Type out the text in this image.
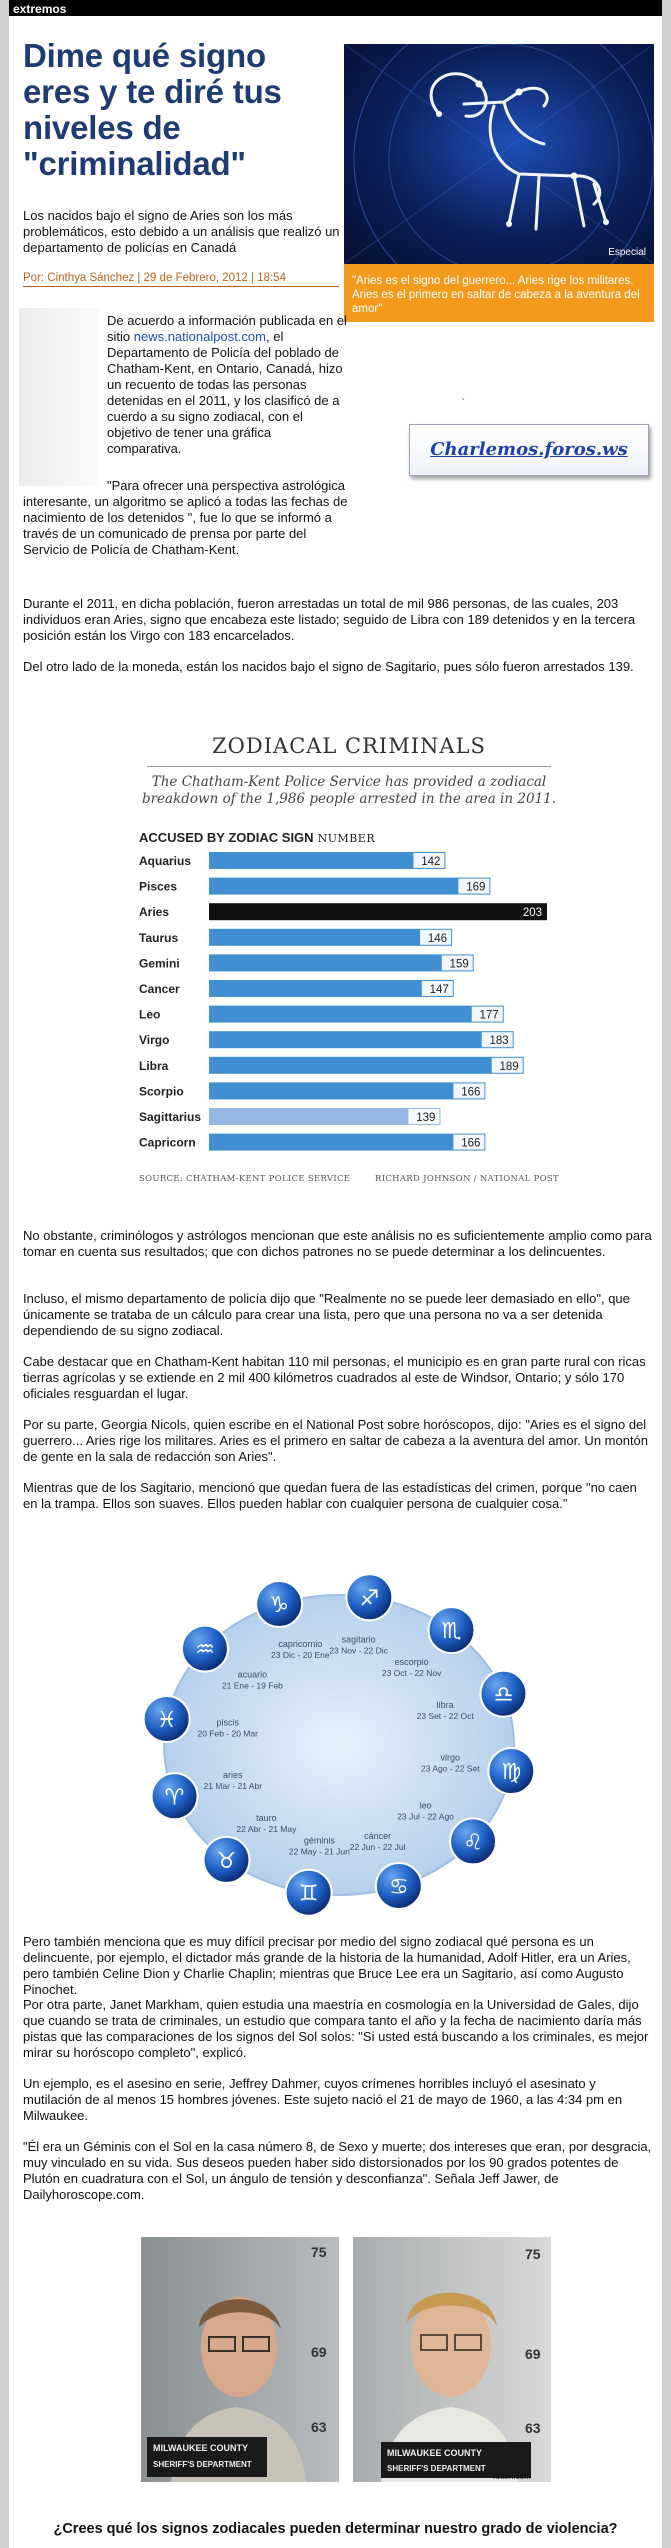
extremos
Dime qué signo eres y te diré tus niveles de "criminalidad"

Los nacidos bajo el signo de Aries son los más problemáticos, esto debido a un análisis que realizó un departamento de policías en Canadá

Por: Cinthya Sánchez | 29 de Febrero, 2012 | 18:54
Especial
"Aries es el signo del guerrero... Aries rige los militares. Aries es el primero en saltar de cabeza a la aventura del amor"

De acuerdo a información publicada en el sitio news.nationalpost.com, el Departamento de Policía del poblado de Chatham-Kent, en Ontario, Canadá, hizo un recuento de todas las personas detenidas en el 2011, y los clasificó de a cuerdo a su signo zodiacal, con el objetivo de tener una gráfica comparativa.

`
Charlemos.foros.ws

"Para ofrecer una perspectiva astrológica interesante, un algoritmo se aplicó a todas las fechas de nacimiento de los detenidos ", fue lo que se informó a través de un comunicado de prensa por parte del Servicio de Policía de Chatham-Kent.

Durante el 2011, en dicha población, fueron arrestadas un total de mil 986 personas, de las cuales, 203 individuos eran Aries, signo que encabeza este listado; seguido de Libra con 189 detenidos y en la tercera posición están los Virgo con 183 encarcelados.

Del otro lado de la moneda, están los nacidos bajo el signo de Sagitario, pues sólo fueron arrestados 139.

ZODIACAL CRIMINALS
The Chatham-Kent Police Service has provided a zodiacal breakdown of the 1,986 people arrested in the area in 2011.
ACCUSED BY ZODIAC SIGN NUMBER
Aquarius	142
Pisces	169
Aries	203
Taurus	146
Gemini	159
Cancer	147
Leo	177
Virgo	183
Libra	189
Scorpio	166
Sagittarius	139
Capricorn	166
SOURCE: CHATHAM-KENT POLICE SERVICE	RICHARD JOHNSON / NATIONAL POST

No obstante, criminólogos y astrólogos mencionan que este análisis no es suficientemente amplio como para tomar en cuenta sus resultados; que con dichos patrones no se puede determinar a los delincuentes.

Incluso, el mismo departamento de policía dijo que "Realmente no se puede leer demasiado en ello", que únicamente se trataba de un cálculo para crear una lista, pero que una persona no va a ser detenida dependiendo de su signo zodiacal.

Cabe destacar que en Chatham-Kent habitan 110 mil personas, el municipio es en gran parte rural con ricas tierras agrícolas y se extiende en 2 mil 400 kilómetros cuadrados al este de Windsor, Ontario; y sólo 170 oficiales resguardan el lugar.

Por su parte, Georgia Nicols, quien escribe en el National Post sobre horóscopos, dijo: "Aries es el signo del guerrero... Aries rige los militares. Aries es el primero en saltar de cabeza a la aventura del amor. Un montón de gente en la sala de redacción son Aries".

Mientras que de los Sagitario, mencionó que quedan fuera de las estadísticas del crimen, porque "no caen en la trampa. Ellos son suaves. Ellos pueden hablar con cualquier persona de cualquier cosa."

♐
sagitario
23 Nov - 22 Dic
♏
escorpio
23 Oct - 22 Nov
♎
libra
23 Set - 22 Oct
♍
virgo
23 Ago - 22 Set
♌
leo
23 Jul - 22 Ago
♋
cáncer
22 Jun - 22 Jul
♊
géminis
22 May - 21 Jun
♉
tauro
22 Abr - 21 May
♈
aries
21 Mar - 21 Abr
♓	piscis
20 Feb - 20 Mar
♒
acuario
21 Ene - 19 Feb
♑
capricornio
23 Dic - 20 Ene

Pero también menciona que es muy difícil precisar por medio del signo zodiacal qué persona es un delincuente, por ejemplo, el dictador más grande de la historia de la humanidad, Adolf Hitler, era un Aries, pero también Celine Dion y Charlie Chaplin; mientras que Bruce Lee era un Sagitario, así como Augusto Pinochet.

Por otra parte, Janet Markham, quien estudia una maestría en cosmología en la Universidad de Gales, dijo que cuando se trata de criminales, un estudio que compara tanto el año y la fecha de nacimiento daría más pistas que las comparaciones de los signos del Sol solos: "Si usted está buscando a los criminales, es mejor mirar su horóscopo completo", explicó.

Un ejemplo, es el asesino en serie, Jeffrey Dahmer, cuyos crímenes horribles incluyó el asesinato y mutilación de al menos 15 hombres jóvenes. Este sujeto nació el 21 de mayo de 1960, a las 4:34 pm en Milwaukee.

"Él era un Géminis con el Sol en la casa número 8, de Sexo y muerte; dos intereses que eran, por desgracia, muy vinculado en su vida. Sus deseos pueden haber sido distorsionados por los 90 grados potentes de Plutón en cuadratura con el Sol, un ángulo de tensión y desconfianza". Señala Jeff Jawer, de Dailyhoroscope.com.

MILWAUKEE COUNTY
SHERIFF'S DEPARTMENT
MILWAUKEE COUNTY
SHERIFF'S DEPARTMENT
75
69
63
75
69
63
rotten.com
¿Crees qué los signos zodiacales pueden determinar nuestro grado de violencia?
